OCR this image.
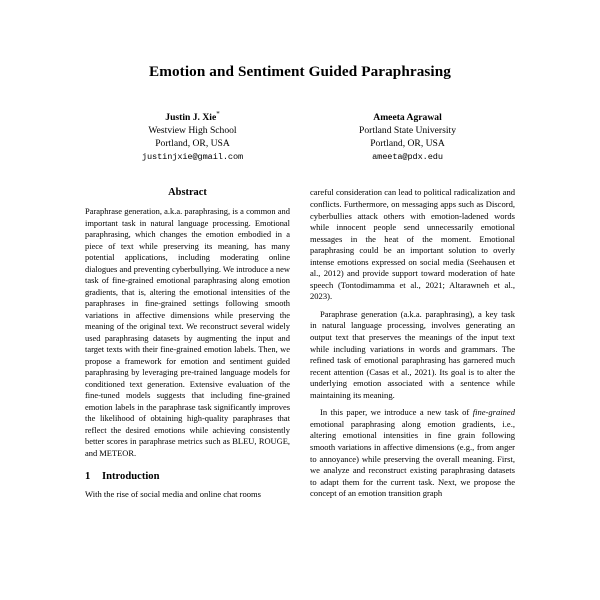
Emotion and Sentiment Guided Paraphrasing
Justin J. Xie*
Westview High School
Portland, OR, USA
justinjxie@gmail.com
Ameeta Agrawal
Portland State University
Portland, OR, USA
ameeta@pdx.edu
Abstract

Paraphrase generation, a.k.a. paraphrasing, is a common and important task in natural language processing. Emotional paraphrasing, which changes the emotion embodied in a piece of text while preserving its meaning, has many potential applications, including moderating online dialogues and preventing cyberbullying. We introduce a new task of fine-grained emotional paraphrasing along emotion gradients, that is, altering the emotional intensities of the paraphrases in fine-grained settings following smooth variations in affective dimensions while preserving the meaning of the original text. We reconstruct several widely used paraphrasing datasets by augmenting the input and target texts with their fine-grained emotion labels. Then, we propose a framework for emotion and sentiment guided paraphrasing by leveraging pre-trained language models for conditioned text generation. Extensive evaluation of the fine-tuned models suggests that including fine-grained emotion labels in the paraphrase task significantly improves the likelihood of obtaining high-quality paraphrases that reflect the desired emotions while achieving consistently better scores in paraphrase metrics such as BLEU, ROUGE, and METEOR.

1 Introduction

With the rise of social media and online chat rooms

careful consideration can lead to political radicalization and conflicts. Furthermore, on messaging apps such as Discord, cyberbullies attack others with emotion-ladened words while innocent people send unnecessarily emotional messages in the heat of the moment. Emotional paraphrasing could be an important solution to overly intense emotions expressed on social media (Seehausen et al., 2012) and provide support toward moderation of hate speech (Tontodimamma et al., 2021; Altarawneh et al., 2023).

Paraphrase generation (a.k.a. paraphrasing), a key task in natural language processing, involves generating an output text that preserves the meanings of the input text while including variations in words and grammars. The refined task of emotional paraphrasing has garnered much recent attention (Casas et al., 2021). Its goal is to alter the underlying emotion associated with a sentence while maintaining its meaning.

In this paper, we introduce a new task of fine-grained emotional paraphrasing along emotion gradients, i.e., altering emotional intensities in fine grain following smooth variations in affective dimensions (e.g., from anger to annoyance) while preserving the overall meaning. First, we analyze and reconstruct existing paraphrasing datasets to adapt them for the current task. Next, we propose the concept of an emotion transition graph
